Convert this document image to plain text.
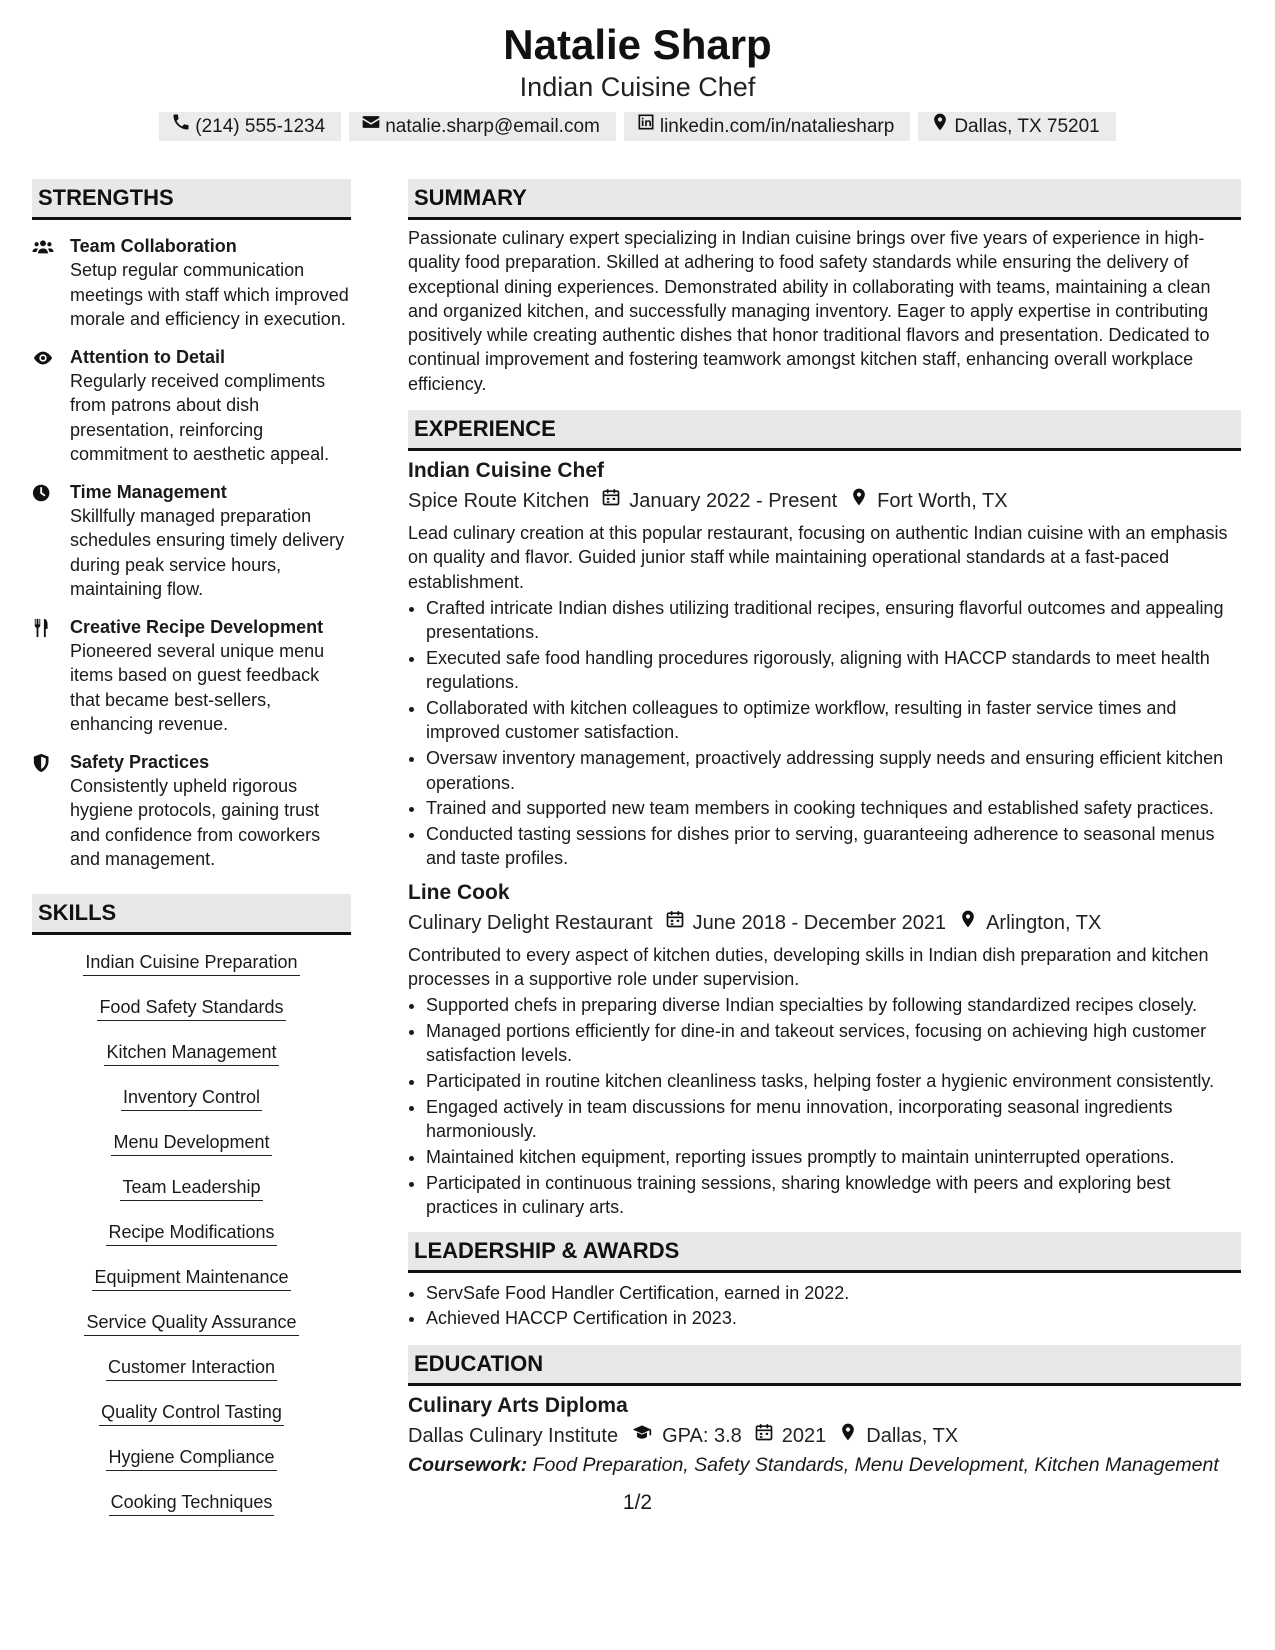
Natalie Sharp
Indian Cuisine Chef
(214) 555-1234	natalie.sharp@email.com	linkedin.com/in/nataliesharp	Dallas, TX 75201
STRENGTHS
Team Collaboration
Setup regular communication meetings with staff which improved morale and efficiency in execution.
Attention to Detail
Regularly received compliments from patrons about dish presentation, reinforcing commitment to aesthetic appeal.
Time Management
Skillfully managed preparation schedules ensuring timely delivery during peak service hours, maintaining flow.
Creative Recipe Development
Pioneered several unique menu items based on guest feedback that became best-sellers, enhancing revenue.
Safety Practices
Consistently upheld rigorous hygiene protocols, gaining trust and confidence from coworkers and management.
SKILLS
Indian Cuisine Preparation
Food Safety Standards
Kitchen Management
Inventory Control
Menu Development
Team Leadership
Recipe Modifications
Equipment Maintenance
Service Quality Assurance
Customer Interaction
Quality Control Tasting
Hygiene Compliance
Cooking Techniques
SUMMARY
Passionate culinary expert specializing in Indian cuisine brings over five years of experience in high-quality food preparation. Skilled at adhering to food safety standards while ensuring the delivery of exceptional dining experiences. Demonstrated ability in collaborating with teams, maintaining a clean and organized kitchen, and successfully managing inventory. Eager to apply expertise in contributing positively while creating authentic dishes that honor traditional flavors and presentation. Dedicated to continual improvement and fostering teamwork amongst kitchen staff, enhancing overall workplace efficiency.
EXPERIENCE
Indian Cuisine Chef
Spice Route Kitchen January 2022 - Present Fort Worth, TX
Lead culinary creation at this popular restaurant, focusing on authentic Indian cuisine with an emphasis on quality and flavor. Guided junior staff while maintaining operational standards at a fast-paced establishment.
• Crafted intricate Indian dishes utilizing traditional recipes, ensuring flavorful outcomes and appealing presentations.
• Executed safe food handling procedures rigorously, aligning with HACCP standards to meet health regulations.
• Collaborated with kitchen colleagues to optimize workflow, resulting in faster service times and improved customer satisfaction.
• Oversaw inventory management, proactively addressing supply needs and ensuring efficient kitchen operations.
• Trained and supported new team members in cooking techniques and established safety practices.
• Conducted tasting sessions for dishes prior to serving, guaranteeing adherence to seasonal menus and taste profiles.
Line Cook
Culinary Delight Restaurant June 2018 - December 2021 Arlington, TX
Contributed to every aspect of kitchen duties, developing skills in Indian dish preparation and kitchen processes in a supportive role under supervision.
• Supported chefs in preparing diverse Indian specialties by following standardized recipes closely.
• Managed portions efficiently for dine-in and takeout services, focusing on achieving high customer satisfaction levels.
• Participated in routine kitchen cleanliness tasks, helping foster a hygienic environment consistently.
• Engaged actively in team discussions for menu innovation, incorporating seasonal ingredients harmoniously.
• Maintained kitchen equipment, reporting issues promptly to maintain uninterrupted operations.
• Participated in continuous training sessions, sharing knowledge with peers and exploring best practices in culinary arts.
LEADERSHIP & AWARDS
• ServSafe Food Handler Certification, earned in 2022.
• Achieved HACCP Certification in 2023.
EDUCATION
Culinary Arts Diploma
Dallas Culinary Institute GPA: 3.8 2021 Dallas, TX
Coursework: Food Preparation, Safety Standards, Menu Development, Kitchen Management
1/2
